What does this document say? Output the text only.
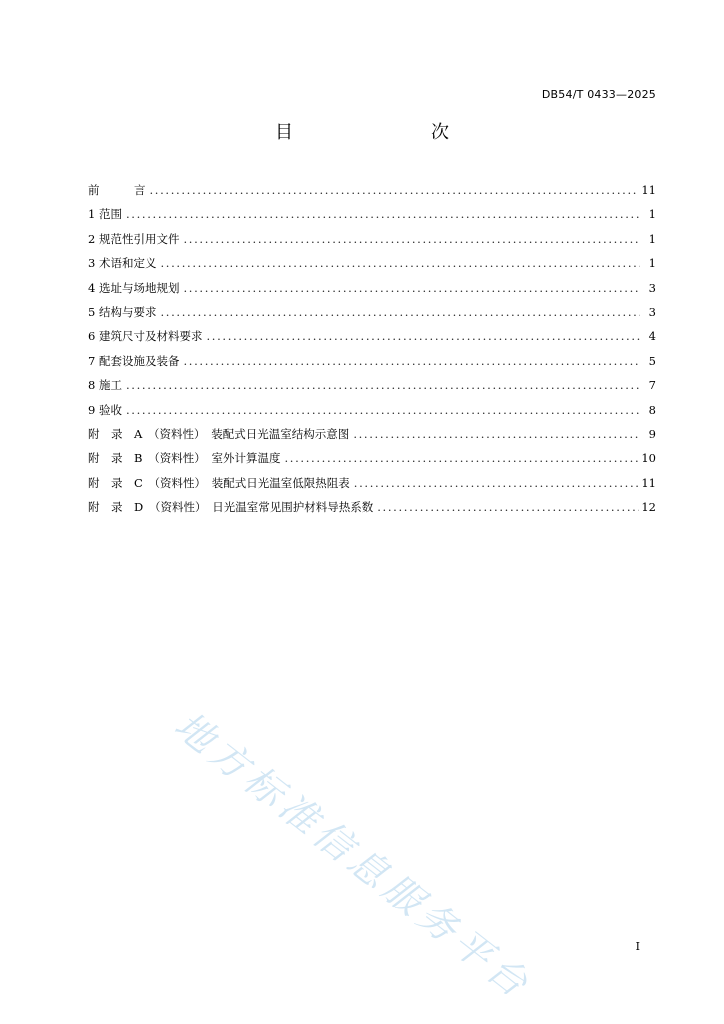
DB54/T 0433—2025
目　　次
前　　　言 . . .	11
1 范围 . . .	1
2 规范性引用文件 . . .	1
3 术语和定义 . . .	1
4 选址与场地规划 . . .	3
5 结构与要求 . . .	3
6 建筑尺寸及材料要求 . . .	4
7 配套设施及装备 . . .	5
8 施工 . . .	7
9 验收 . . .	8
附　录　A　（资料性）　装配式日光温室结构示意图 . . .	9
附　录　B　（资料性）　室外计算温度 . . .	10
附　录　C　（资料性）　装配式日光温室低限热阻表 . . .	11
附　录　D　（资料性）　日光温室常见围护材料导热系数 . . .	12
地方标准信息服务平台	I
